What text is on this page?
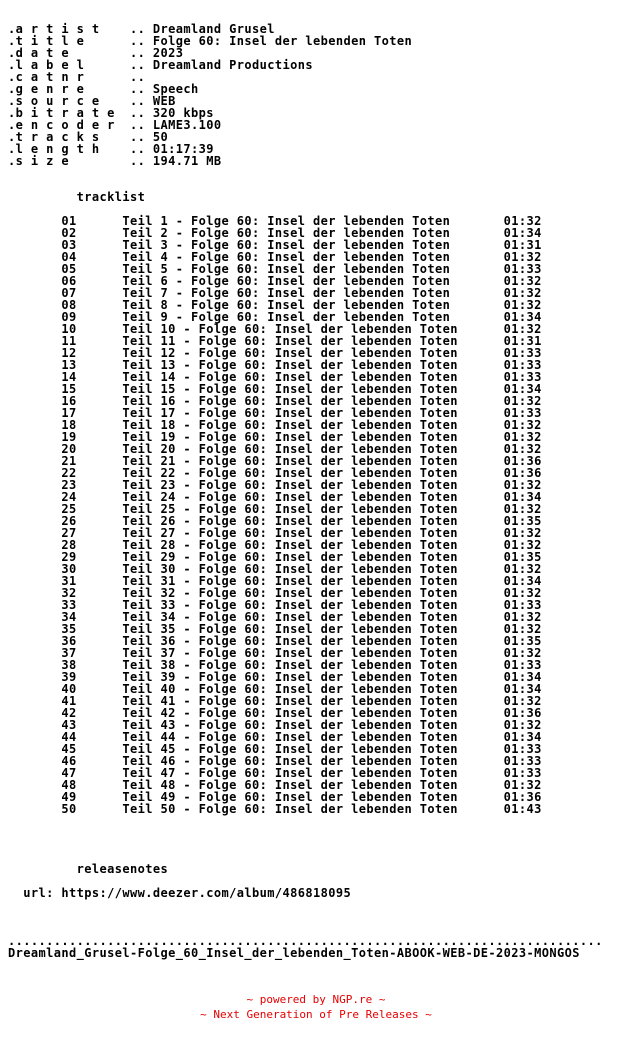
.a r t i s t	.. Dreamland Grusel
.t i t l e	.. Folge 60: Insel der lebenden Toten
.d a t e	.. 2023
.l a b e l	.. Dreamland Productions
.c a t n r	..
.g e n r e	.. Speech
.s o u r c e	.. WEB
.b i t r a t e .. 320 kbps
.e n c o d e r .. LAME3.100
.t r a c k s	.. 50
.l e n g t h	.. 01:17:39
.s i z e	.. 194.71 MB

tracklist

01	Teil 1 - Folge 60: Insel der lebenden Toten	01:32
02	Teil 2 - Folge 60: Insel der lebenden Toten	01:34
03	Teil 3 - Folge 60: Insel der lebenden Toten	01:31
04	Teil 4 - Folge 60: Insel der lebenden Toten	01:32
05	Teil 5 - Folge 60: Insel der lebenden Toten	01:33
06	Teil 6 - Folge 60: Insel der lebenden Toten	01:32
07	Teil 7 - Folge 60: Insel der lebenden Toten	01:32
08	Teil 8 - Folge 60: Insel der lebenden Toten	01:32
09	Teil 9 - Folge 60: Insel der lebenden Toten	01:34
10	Teil 10 - Folge 60: Insel der lebenden Toten	01:32
11	Teil 11 - Folge 60: Insel der lebenden Toten	01:31
12	Teil 12 - Folge 60: Insel der lebenden Toten	01:33
13	Teil 13 - Folge 60: Insel der lebenden Toten	01:33
14	Teil 14 - Folge 60: Insel der lebenden Toten	01:33
15	Teil 15 - Folge 60: Insel der lebenden Toten	01:34
16	Teil 16 - Folge 60: Insel der lebenden Toten	01:32
17	Teil 17 - Folge 60: Insel der lebenden Toten	01:33
18	Teil 18 - Folge 60: Insel der lebenden Toten	01:32
19	Teil 19 - Folge 60: Insel der lebenden Toten	01:32
20	Teil 20 - Folge 60: Insel der lebenden Toten	01:32
21	Teil 21 - Folge 60: Insel der lebenden Toten	01:36
22	Teil 22 - Folge 60: Insel der lebenden Toten	01:36
23	Teil 23 - Folge 60: Insel der lebenden Toten	01:32
24	Teil 24 - Folge 60: Insel der lebenden Toten	01:34
25	Teil 25 - Folge 60: Insel der lebenden Toten	01:32
26	Teil 26 - Folge 60: Insel der lebenden Toten	01:35
27	Teil 27 - Folge 60: Insel der lebenden Toten	01:32
28	Teil 28 - Folge 60: Insel der lebenden Toten	01:32
29	Teil 29 - Folge 60: Insel der lebenden Toten	01:35
30	Teil 30 - Folge 60: Insel der lebenden Toten	01:32
31	Teil 31 - Folge 60: Insel der lebenden Toten	01:34
32	Teil 32 - Folge 60: Insel der lebenden Toten	01:32
33	Teil 33 - Folge 60: Insel der lebenden Toten	01:33
34	Teil 34 - Folge 60: Insel der lebenden Toten	01:32
35	Teil 35 - Folge 60: Insel der lebenden Toten	01:32
36	Teil 36 - Folge 60: Insel der lebenden Toten	01:35
37	Teil 37 - Folge 60: Insel der lebenden Toten	01:32
38	Teil 38 - Folge 60: Insel der lebenden Toten	01:33
39	Teil 39 - Folge 60: Insel der lebenden Toten	01:34
40	Teil 40 - Folge 60: Insel der lebenden Toten	01:34
41	Teil 41 - Folge 60: Insel der lebenden Toten	01:32
42	Teil 42 - Folge 60: Insel der lebenden Toten	01:36
43	Teil 43 - Folge 60: Insel der lebenden Toten	01:32
44	Teil 44 - Folge 60: Insel der lebenden Toten	01:34
45	Teil 45 - Folge 60: Insel der lebenden Toten	01:33
46	Teil 46 - Folge 60: Insel der lebenden Toten	01:33
47	Teil 47 - Folge 60: Insel der lebenden Toten	01:33
48	Teil 48 - Folge 60: Insel der lebenden Toten	01:32
49	Teil 49 - Folge 60: Insel der lebenden Toten	01:36
50	Teil 50 - Folge 60: Insel der lebenden Toten	01:43

releasenotes

url: https://www.deezer.com/album/486818095

..............................................................................
Dreamland_Grusel-Folge_60_Insel_der_lebenden_Toten-ABOOK-WEB-DE-2023-MONGOS
~ powered by NGP.re ~
~ Next Generation of Pre Releases ~
